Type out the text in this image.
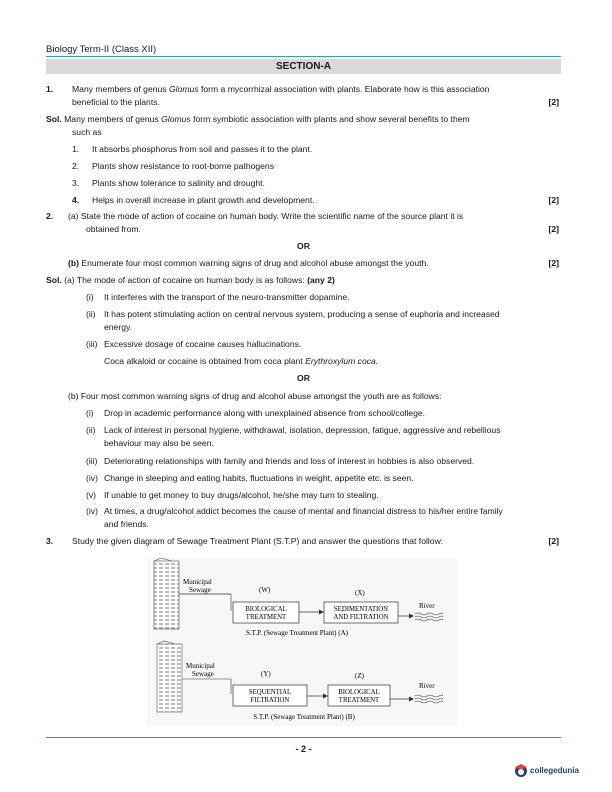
Biology Term-II (Class XII)
SECTION-A
1. Many members of genus Glomus form a mycorrhizal association with plants. Elaborate how is this association
beneficial to the plants.	[2]
Sol. Many members of genus Glomus form symbiotic association with plants and show several benefits to them
such as
1. It absorbs phosphorus from soil and passes it to the plant.
2. Plants show resistance to root-borne pathogens
3. Plants show tolerance to salinity and drought.
4. Helps in overall increase in plant growth and development.	[2]
2. (a) State the mode of action of cocaine on human body. Write the scientific name of the source plant it is
obtained from.	[2]
OR
(b) Enumerate four most common warning signs of drug and alcohol abuse amongst the youth.	[2]
Sol. (a) The mode of action of cocaine on human body is as follows: (any 2)
(i) It interferes with the transport of the neuro-transmitter dopamine.
(ii) It has potent stimulating action on central nervous system, producing a sense of euphoria and increased
energy.
(iii) Excessive dosage of cocaine causes hallucinations.
Coca alkaloid or cocaine is obtained from coca plant Erythroxylum coca.
OR
(b) Four most common warning signs of drug and alcohol abuse amongst the youth are as follows:
(i) Drop in academic performance along with unexplained absence from school/college.
(ii) Lack of interest in personal hygiene, withdrawal, isolation, depression, fatigue, aggressive and rebellious
behaviour may also be seen.
(iii) Deteriorating relationships with family and friends and loss of interest in hobbies is also observed.
(iv) Change in sleeping and eating habits, fluctuations in weight, appetite etc. is seen.
(v) If unable to get money to buy drugs/alcohol, he/she may turn to stealing.
(iv) At times, a drug/alcohol addict becomes the cause of mental and financial distress to his/her entire family
and friends.
3. Study the given diagram of Sewage Treatment Plant (S.T.P) and answer the questions that follow:	[2]
Municipal
Sewage	(W)	(X)
BIOLOGICAL
TREATMENT
SEDIMENTATION
AND FILTRATION
River
S.T.P. (Sewage Treatment Plant) (A)
Municipal
Sewage	(Y)	(Z)
SEQUENTIAL
FILTRATION
BIOLOGICAL
TREATMENT
River
S.T.P. (Sewage Treatment Plant) (B)
- 2 -
collegedunia
